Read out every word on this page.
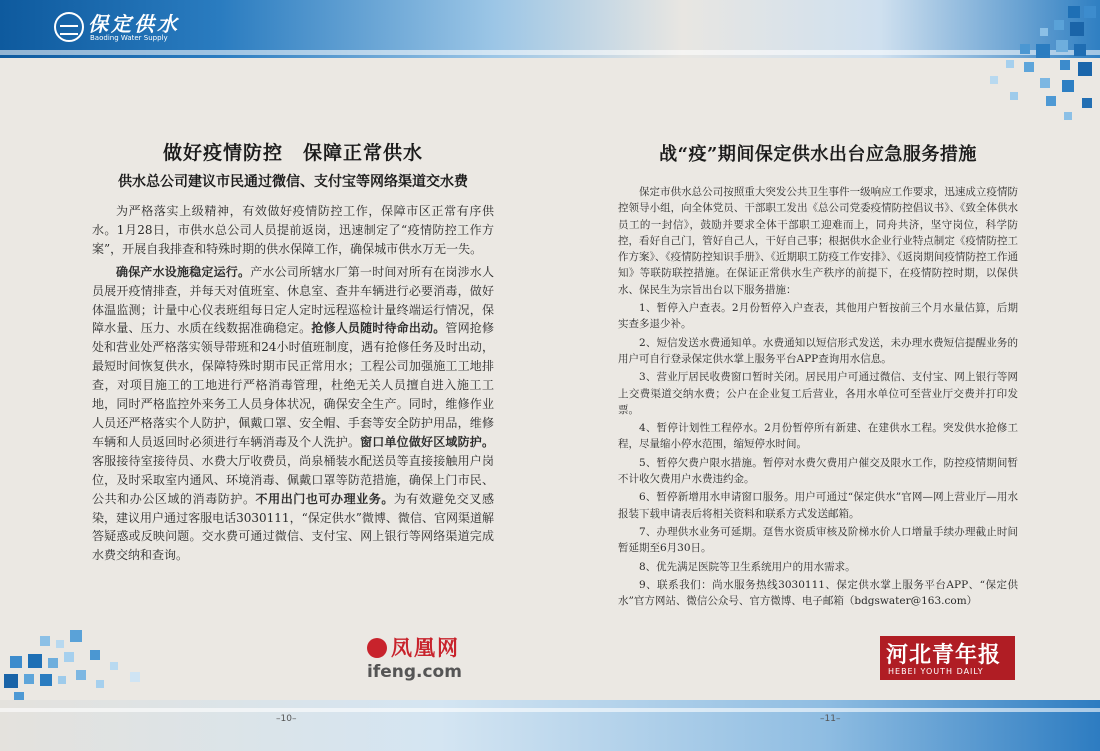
保定供水
Baoding Water Supply
–10–	–11–
做好疫情防控　保障正常供水
供水总公司建议市民通过微信、支付宝等网络渠道交水费

为严格落实上级精神，有效做好疫情防控工作，保障市区正常有序供水。1月28日，市供水总公司人员提前返岗，迅速制定了“疫情防控工作方案”，开展自我排查和特殊时期的供水保障工作，确保城市供水万无一失。

确保产水设施稳定运行。产水公司所辖水厂第一时间对所有在岗涉水人员展开疫情排查，并每天对值班室、休息室、查井车辆进行必要消毒，做好体温监测；计量中心仪表班组每日定人定时远程巡检计量终端运行情况，保障水量、压力、水质在线数据准确稳定。抢修人员随时待命出动。管网抢修处和营业处严格落实领导带班和24小时值班制度，遇有抢修任务及时出动，最短时间恢复供水，保障特殊时期市民正常用水；工程公司加强施工工地排查，对项目施工的工地进行严格消毒管理，杜绝无关人员擅自进入施工工地，同时严格监控外来务工人员身体状况，确保安全生产。同时，维修作业人员还严格落实个人防护，佩戴口罩、安全帽、手套等安全防护用品，维修车辆和人员返回时必须进行车辆消毒及个人洗护。窗口单位做好区域防护。客服接待室接待员、水费大厅收费员，尚泉桶装水配送员等直接接触用户岗位，及时采取室内通风、环境消毒、佩戴口罩等防范措施，确保上门市民、公共和办公区域的消毒防护。不用出门也可办理业务。为有效避免交叉感染，建议用户通过客服电话3030111，“保定供水”微博、微信、官网渠道解答疑惑或反映问题。交水费可通过微信、支付宝、网上银行等网络渠道完成水费交纳和查询。

战“疫”期间保定供水出台应急服务措施

保定市供水总公司按照重大突发公共卫生事件一级响应工作要求，迅速成立疫情防控领导小组，向全体党员、干部职工发出《总公司党委疫情防控倡议书》、《致全体供水员工的一封信》，鼓励并要求全体干部职工迎难而上，同舟共济，坚守岗位，科学防控，看好自己门，管好自己人，干好自己事；根据供水企业行业特点制定《疫情防控工作方案》、《疫情防控知识手册》、《近期职工防疫工作安排》、《返岗期间疫情防控工作通知》等联防联控措施。在保证正常供水生产秩序的前提下，在疫情防控时期，以保供水、保民生为宗旨出台以下服务措施：

1、暂停入户查表。2月份暂停入户查表，其他用户暂按前三个月水量估算，后期实查多退少补。

2、短信发送水费通知单。水费通知以短信形式发送，未办理水费短信提醒业务的用户可自行登录保定供水掌上服务平台APP查询用水信息。

3、营业厅居民收费窗口暂时关闭。居民用户可通过微信、支付宝、网上银行等网上交费渠道交纳水费；公户在企业复工后营业，各用水单位可至营业厅交费并打印发票。

4、暂停计划性工程停水。2月份暂停所有新建、在建供水工程。突发供水抢修工程，尽量缩小停水范围，缩短停水时间。

5、暂停欠费户限水措施。暂停对水费欠费用户催交及限水工作，防控疫情期间暂不计收欠费用户水费违约金。

6、暂停新增用水申请窗口服务。用户可通过“保定供水”官网—网上营业厅—用水报装下载申请表后将相关资料和联系方式发送邮箱。

7、办理供水业务可延期。趸售水资质审核及阶梯水价人口增量手续办理截止时间暂延期至6月30日。

8、优先满足医院等卫生系统用户的用水需求。

9、联系我们：尚水服务热线3030111、保定供水掌上服务平台APP、“保定供水”官方网站、微信公众号、官方微博、电子邮箱（bdgswater@163.com）

凤凰网
ifeng.com
河北青年报
HEBEI YOUTH DAILY
